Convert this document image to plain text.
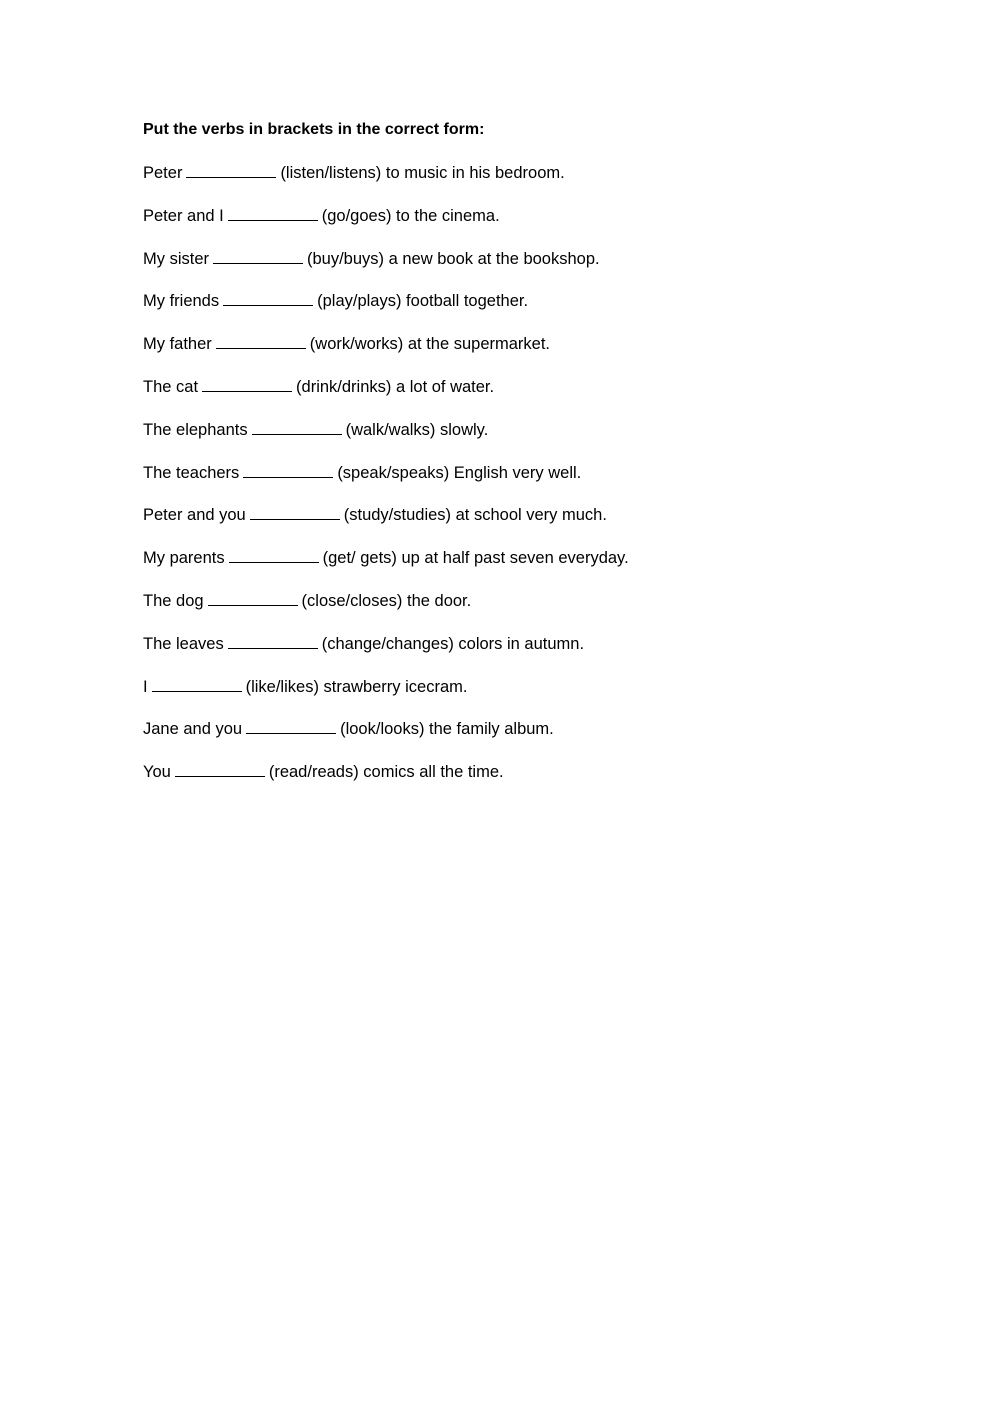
Put the verbs in brackets in the correct form:

Peter	(listen/listens) to music in his bedroom.
Peter and I	(go/goes) to the cinema.
My sister	(buy/buys) a new book at the bookshop.
My friends	(play/plays) football together.
My father	(work/works) at the supermarket.
The cat	(drink/drinks) a lot of water.
The elephants	(walk/walks) slowly.
The teachers	(speak/speaks) English very well.
Peter and you	(study/studies) at school very much.
My parents	(get/ gets) up at half past seven everyday.
The dog	(close/closes) the door.
The leaves	(change/changes) colors in autumn.
I	(like/likes) strawberry icecram.
Jane and you	(look/looks) the family album.
You	(read/reads) comics all the time.
